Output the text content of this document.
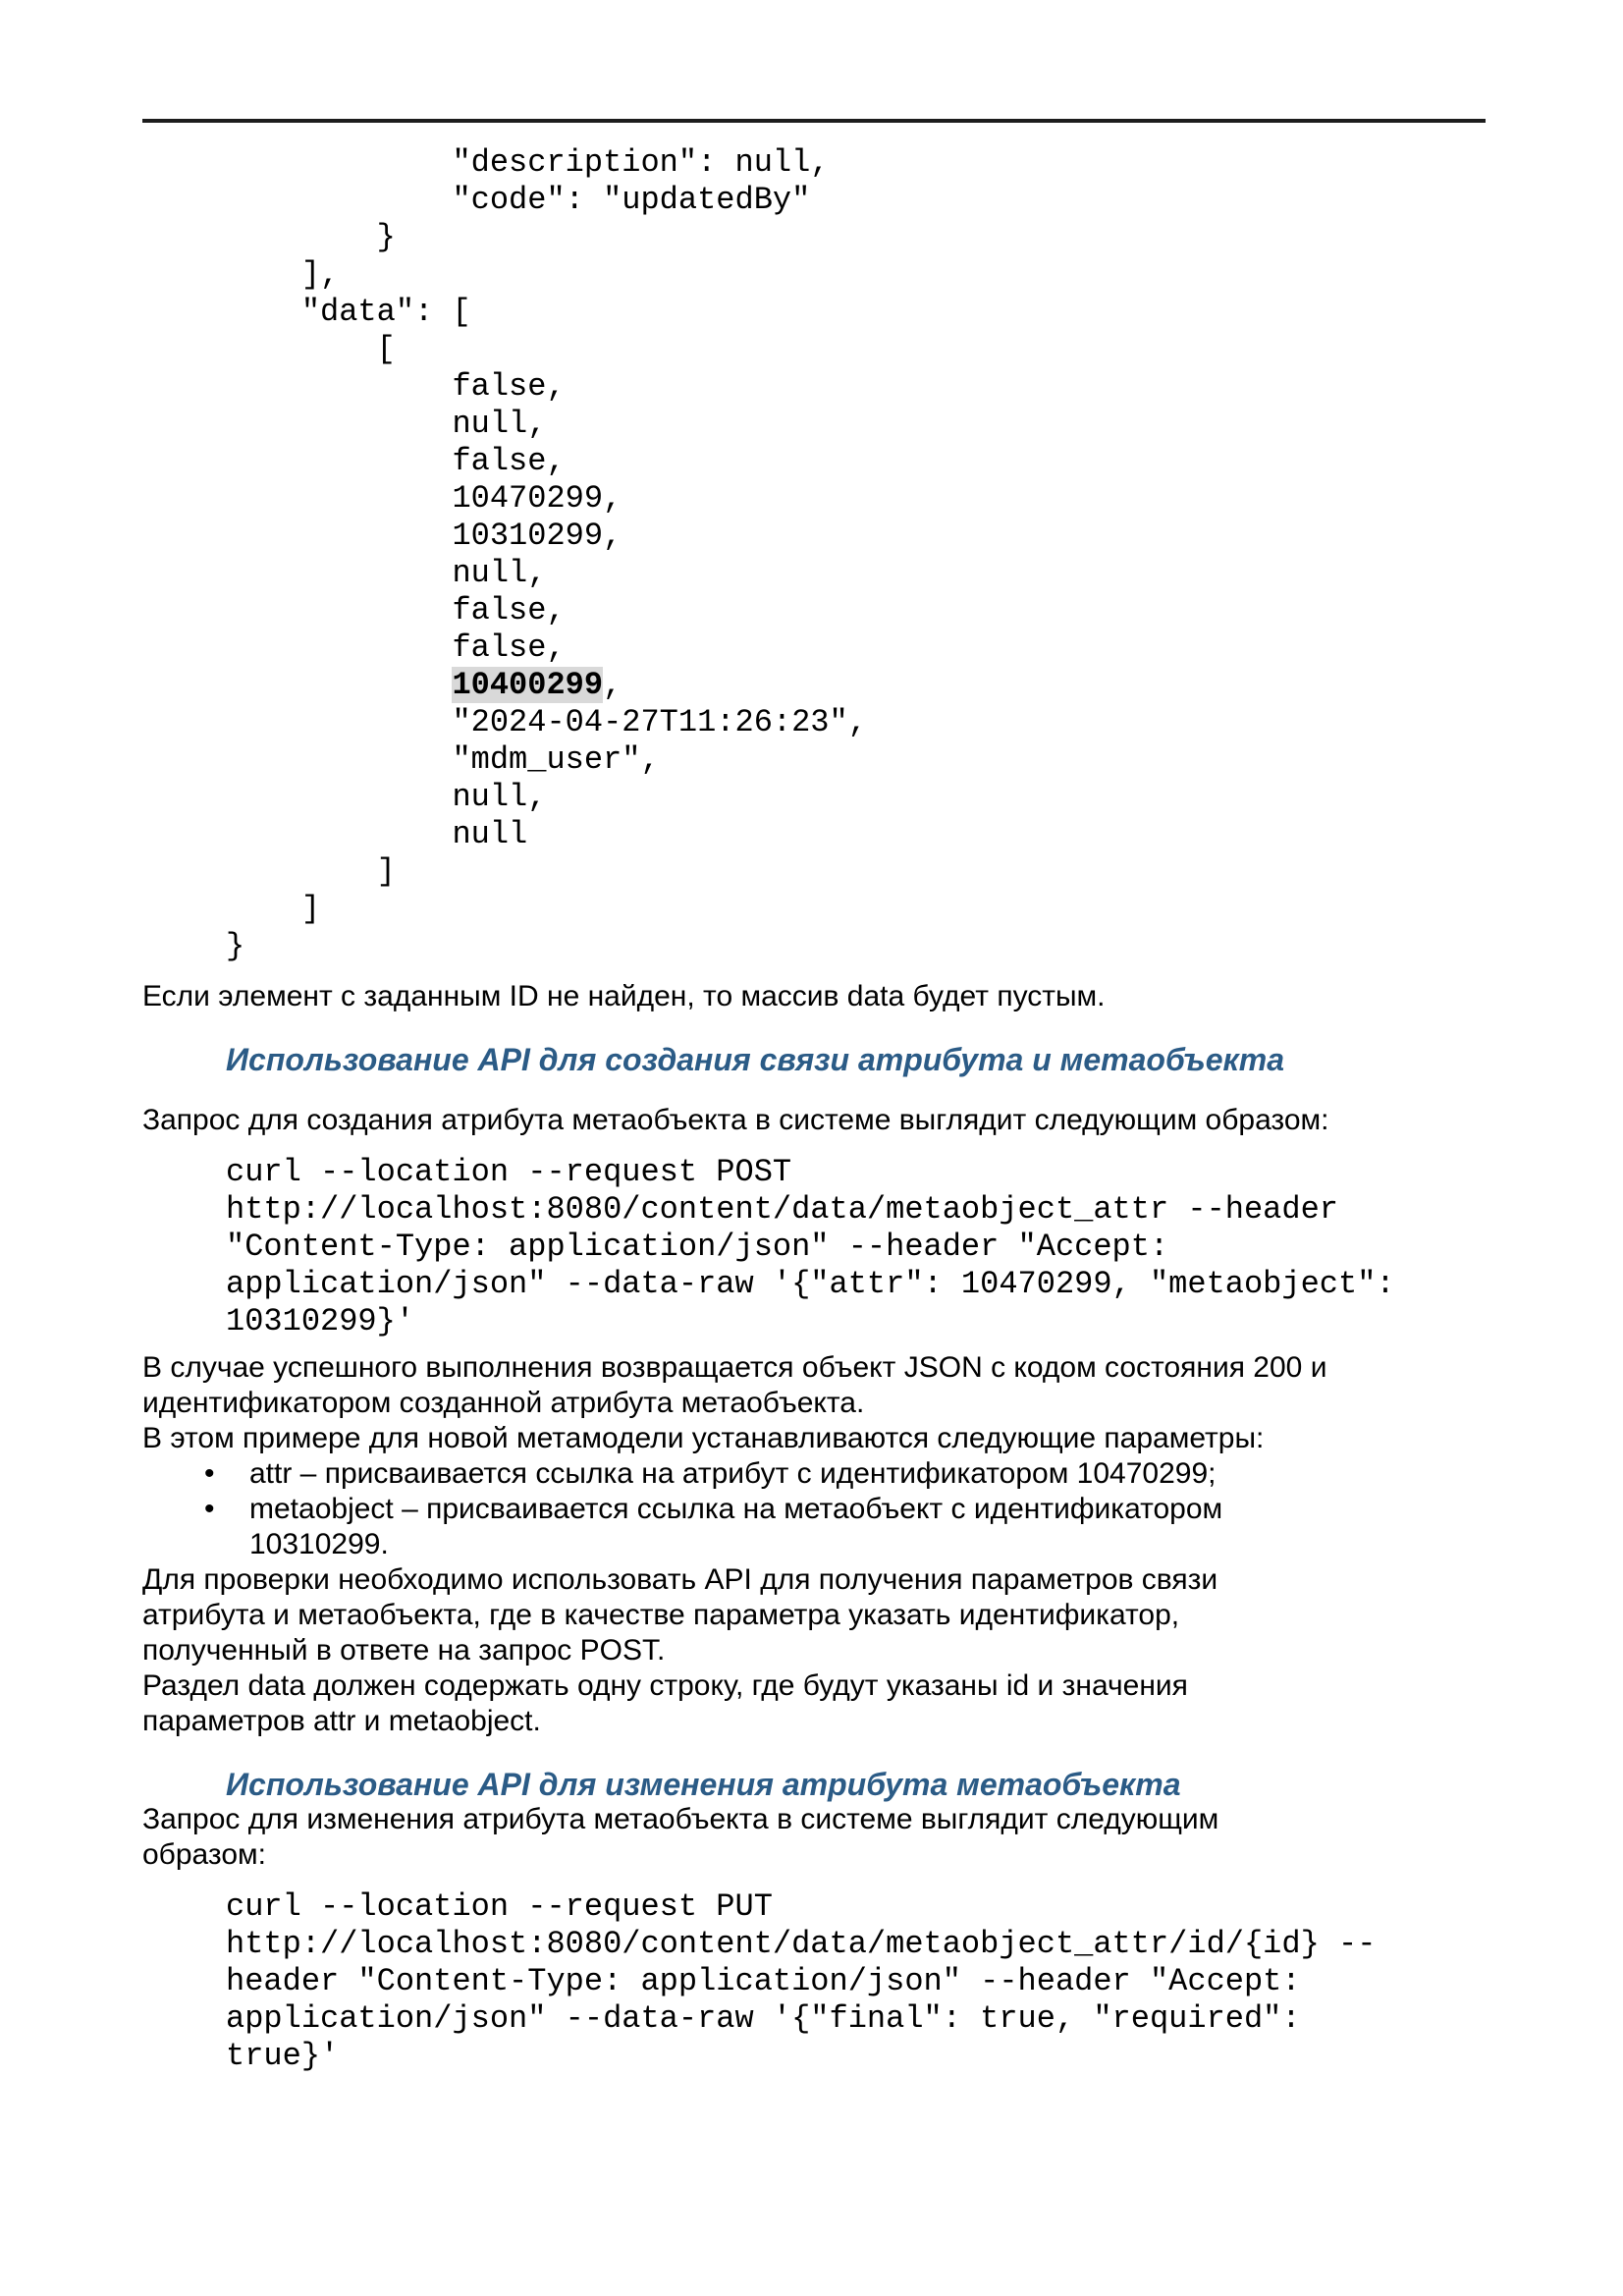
"description": null,
"code": "updatedBy"
}
],
"data": [
[
false,
null,
false,
10470299,
10310299,
null,
false,
false,
10400299,
"2024-04-27T11:26:23",
"mdm_user",
null,
null
]
]
}

Если элемент с заданным ID не найден, то массив data будет пустым.

Использование API для создания связи атрибута и метаобъекта

Запрос для создания атрибута метаобъекта в системе выглядит следующим образом:

curl --location --request POST
http://localhost:8080/content/data/metaobject_attr --header
"Content-Type: application/json" --header "Accept:
application/json" --data-raw '{"attr": 10470299, "metaobject":
10310299}'
В случае успешного выполнения возвращается объект JSON с кодом состояния 200 и
идентификатором созданной атрибута метаобъекта.
В этом примере для новой метамодели устанавливаются следующие параметры:
•	attr – присваивается ссылка на атрибут с идентификатором 10470299;
•	metaobject – присваивается ссылка на метаобъект с идентификатором
10310299.
Для проверки необходимо использовать API для получения параметров связи
атрибута и метаобъекта, где в качестве параметра указать идентификатор,
полученный в ответе на запрос POST.
Раздел data должен содержать одну строку, где будут указаны id и значения
параметров attr и metaobject.
Использование API для изменения атрибута метаобъекта
Запрос для изменения атрибута метаобъекта в системе выглядит следующим
образом:
curl --location --request PUT
http://localhost:8080/content/data/metaobject_attr/id/{id} --
header "Content-Type: application/json" --header "Accept:
application/json" --data-raw '{"final": true, "required":
true}'
